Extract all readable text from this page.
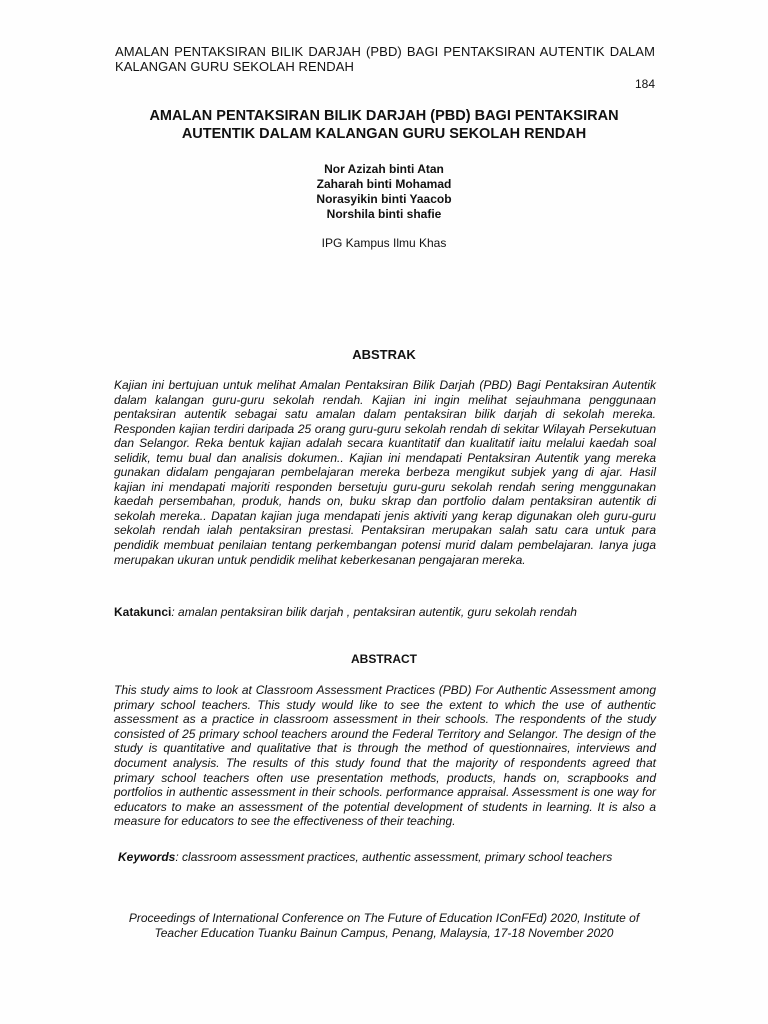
AMALAN PENTAKSIRAN BILIK DARJAH (PBD) BAGI PENTAKSIRAN AUTENTIK DALAM KALANGAN GURU SEKOLAH RENDAH
184
AMALAN PENTAKSIRAN BILIK DARJAH (PBD) BAGI PENTAKSIRAN
AUTENTIK DALAM KALANGAN GURU SEKOLAH RENDAH
Nor Azizah binti Atan
Zaharah binti Mohamad
Norasyikin binti Yaacob
Norshila binti shafie
IPG Kampus Ilmu Khas
ABSTRAK
Kajian ini bertujuan untuk melihat Amalan Pentaksiran Bilik Darjah (PBD) Bagi Pentaksiran Autentik dalam kalangan guru-guru sekolah rendah. Kajian ini ingin melihat sejauhmana penggunaan pentaksiran autentik sebagai satu amalan dalam pentaksiran bilik darjah di sekolah mereka. Responden kajian terdiri daripada 25 orang guru-guru sekolah rendah di sekitar Wilayah Persekutuan dan Selangor. Reka bentuk kajian adalah secara kuantitatif dan kualitatif iaitu melalui kaedah soal selidik, temu bual dan analisis dokumen.. Kajian ini mendapati Pentaksiran Autentik yang mereka gunakan didalam pengajaran pembelajaran mereka berbeza mengikut subjek yang di ajar. Hasil kajian ini mendapati majoriti responden bersetuju guru-guru sekolah rendah sering menggunakan kaedah persembahan, produk, hands on, buku skrap dan portfolio dalam pentaksiran autentik di sekolah mereka.. Dapatan kajian juga mendapati jenis aktiviti yang kerap digunakan oleh guru-guru sekolah rendah ialah pentaksiran prestasi. Pentaksiran merupakan salah satu cara untuk para pendidik membuat penilaian tentang perkembangan potensi murid dalam pembelajaran. Ianya juga merupakan ukuran untuk pendidik melihat keberkesanan pengajaran mereka.
Katakunci: amalan pentaksiran bilik darjah , pentaksiran autentik, guru sekolah rendah
ABSTRACT
This study aims to look at Classroom Assessment Practices (PBD) For Authentic Assessment among primary school teachers. This study would like to see the extent to which the use of authentic assessment as a practice in classroom assessment in their schools. The respondents of the study consisted of 25 primary school teachers around the Federal Territory and Selangor. The design of the study is quantitative and qualitative that is through the method of questionnaires, interviews and document analysis. The results of this study found that the majority of respondents agreed that primary school teachers often use presentation methods, products, hands on, scrapbooks and portfolios in authentic assessment in their schools. performance appraisal. Assessment is one way for educators to make an assessment of the potential development of students in learning. It is also a measure for educators to see the effectiveness of their teaching.
Keywords: classroom assessment practices, authentic assessment, primary school teachers
Proceedings of International Conference on The Future of Education IConFEd) 2020, Institute of
Teacher Education Tuanku Bainun Campus, Penang, Malaysia, 17-18 November 2020
